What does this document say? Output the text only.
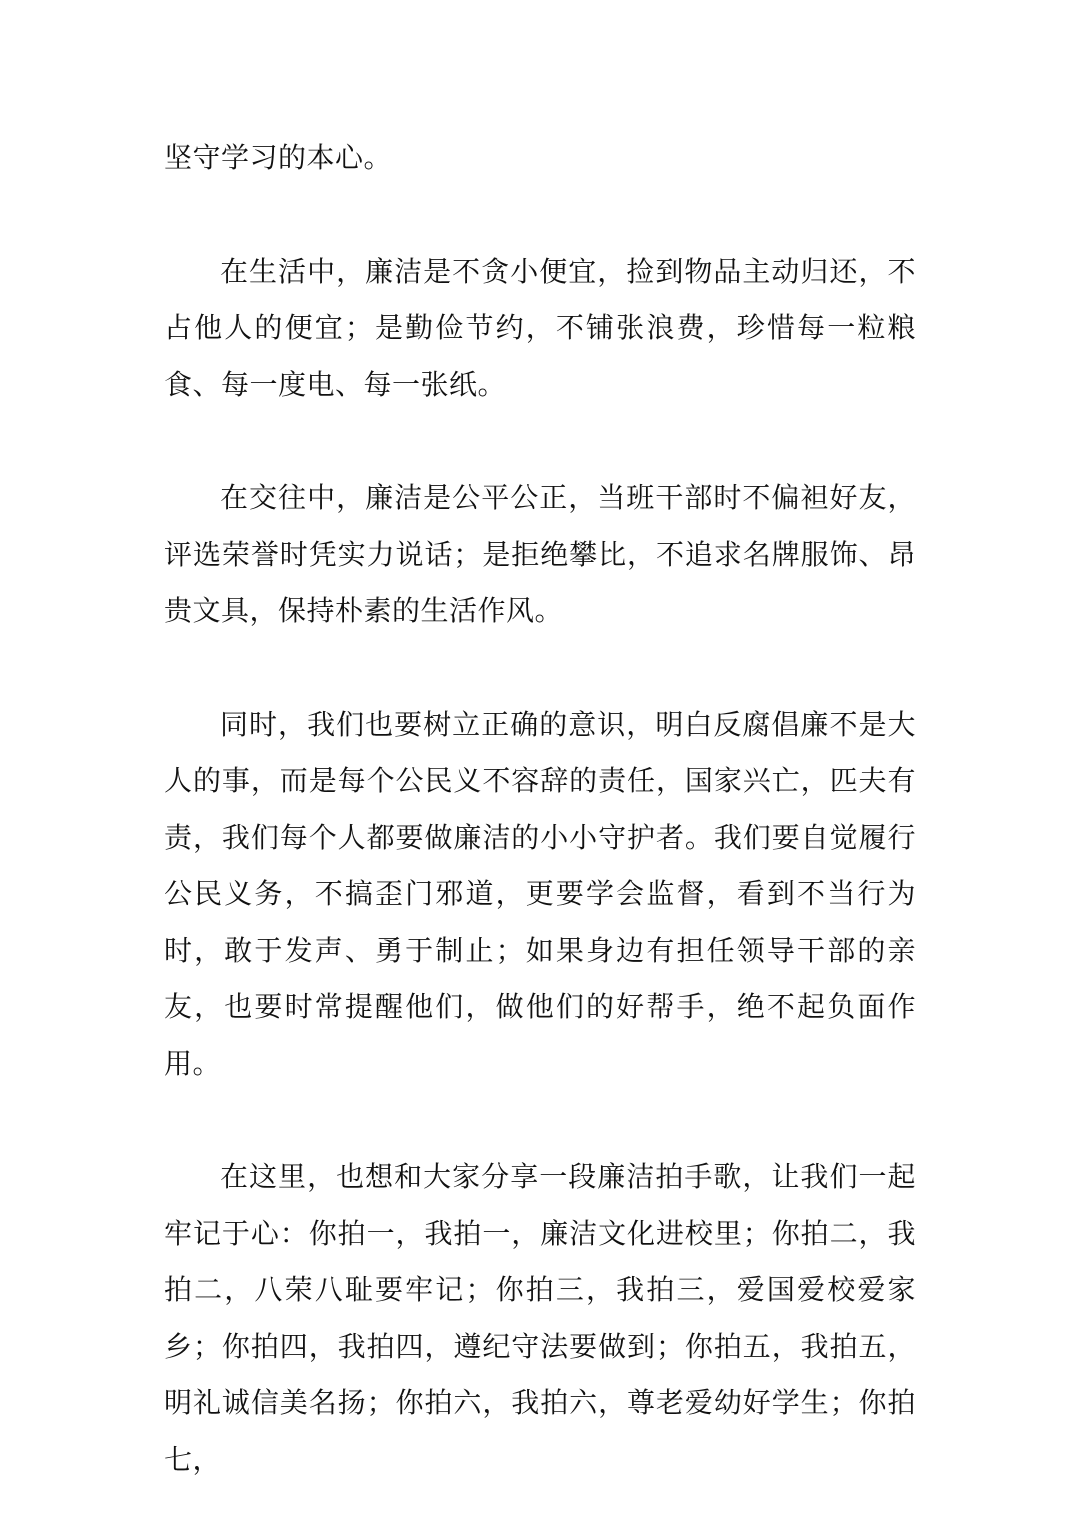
坚守学习的本心。

在生活中，廉洁是不贪小便宜，捡到物品主动归还，不占他人的便宜；是勤俭节约，不铺张浪费，珍惜每一粒粮食、每一度电、每一张纸。

在交往中，廉洁是公平公正，当班干部时不偏袒好友，评选荣誉时凭实力说话；是拒绝攀比，不追求名牌服饰、昂贵文具，保持朴素的生活作风。

同时，我们也要树立正确的意识，明白反腐倡廉不是大人的事，而是每个公民义不容辞的责任，国家兴亡，匹夫有责，我们每个人都要做廉洁的小小守护者。我们要自觉履行公民义务，不搞歪门邪道，更要学会监督，看到不当行为时，敢于发声、勇于制止；如果身边有担任领导干部的亲友，也要时常提醒他们，做他们的好帮手，绝不起负面作用。

在这里，也想和大家分享一段廉洁拍手歌，让我们一起牢记于心：你拍一，我拍一，廉洁文化进校里；你拍二，我拍二，八荣八耻要牢记；你拍三，我拍三，爱国爱校爱家乡；你拍四，我拍四，遵纪守法要做到；你拍五，我拍五，明礼诚信美名扬；你拍六，我拍六，尊老爱幼好学生；你拍七，
